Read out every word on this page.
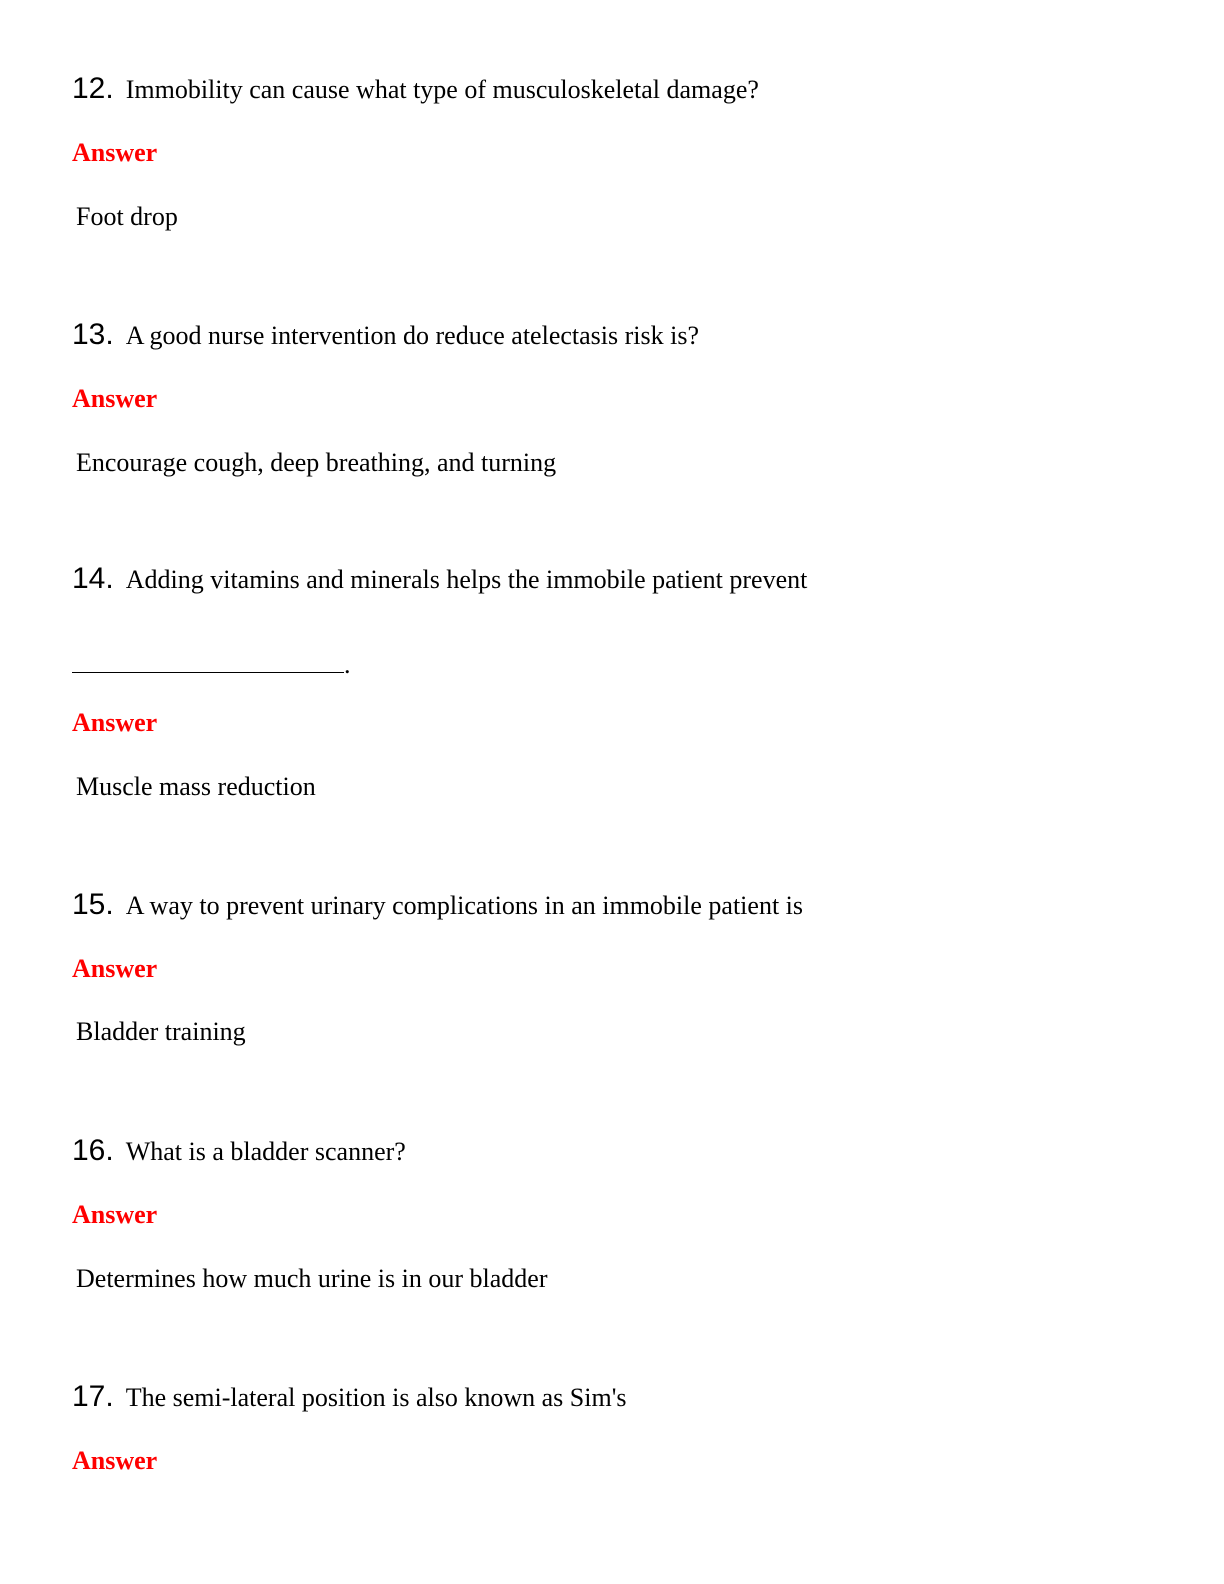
12. Immobility can cause what type of musculoskeletal damage?
Answer
Foot drop
13. A good nurse intervention do reduce atelectasis risk is?
Answer
Encourage cough, deep breathing, and turning
14. Adding vitamins and minerals helps the immobile patient prevent
.
Answer
Muscle mass reduction
15. A way to prevent urinary complications in an immobile patient is
Answer
Bladder training
16. What is a bladder scanner?
Answer
Determines how much urine is in our bladder
17. The semi-lateral position is also known as Sim's
Answer
